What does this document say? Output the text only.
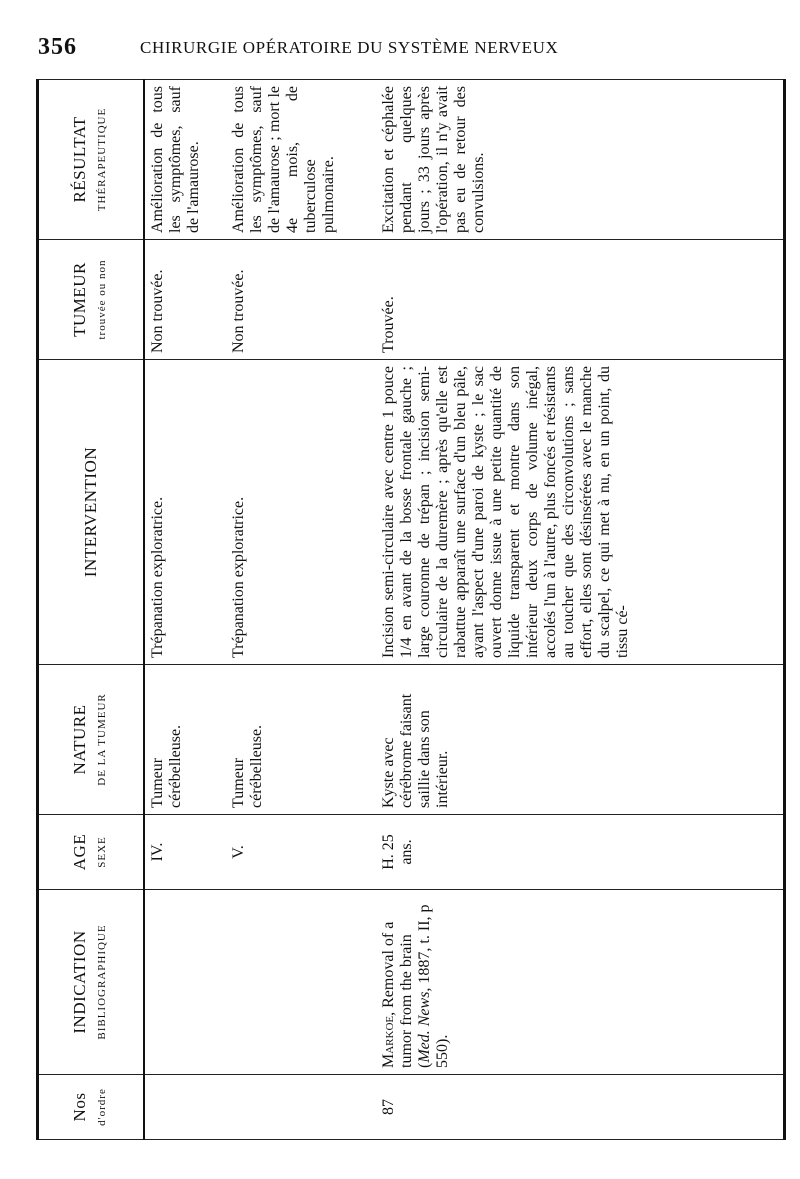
356	CHIRURGIE OPÉRATOIRE DU SYSTÈME NERVEUX
Nos d'ordre	INDICATION BIBLIOGRAPHIQUE	AGE SEXE	NATURE DE LA TUMEUR	INTERVENTION	TUMEUR trouvée ou non	RÉSULTAT THÉRAPEUTIQUE

		IV.	Tumeur cérébelleuse.	Trépanation exploratrice.	Non trouvée.	Amélioration de tous les symptômes, sauf de l'amaurose.
		V.	Tumeur cérébelleuse.	Trépanation exploratrice.	Non trouvée.	Amélioration de tous les symptômes, sauf de l'amaurose ; mort le 4e mois, de tuberculose pulmonaire.
87	Markoe, Removal of a tumor from the brain (Med. News, 1887, t. II, p 550).	H. 25 ans.	Kyste avec cérébrome faisant saillie dans son intérieur.	Incision semi-circulaire avec centre 1 pouce 1/4 en avant de la bosse frontale gauche ; large couronne de trépan ; incision semi-circulaire de la duremère ; après qu'elle est rabattue apparaît une surface d'un bleu pâle, ayant l'aspect d'une paroi de kyste ; le sac ouvert donne issue à une petite quantité de liquide transparent et montre dans son intérieur deux corps de volume inégal, accolés l'un à l'autre, plus foncés et résistants au toucher que des circonvolutions ; sans effort, elles sont désinsérées avec le manche du scalpel, ce qui met à nu, en un point, du tissu cé-	Trouvée.	Excitation et céphalée pendant quelques jours ; 33 jours après l'opération, il n'y avait pas eu de retour des convulsions.
